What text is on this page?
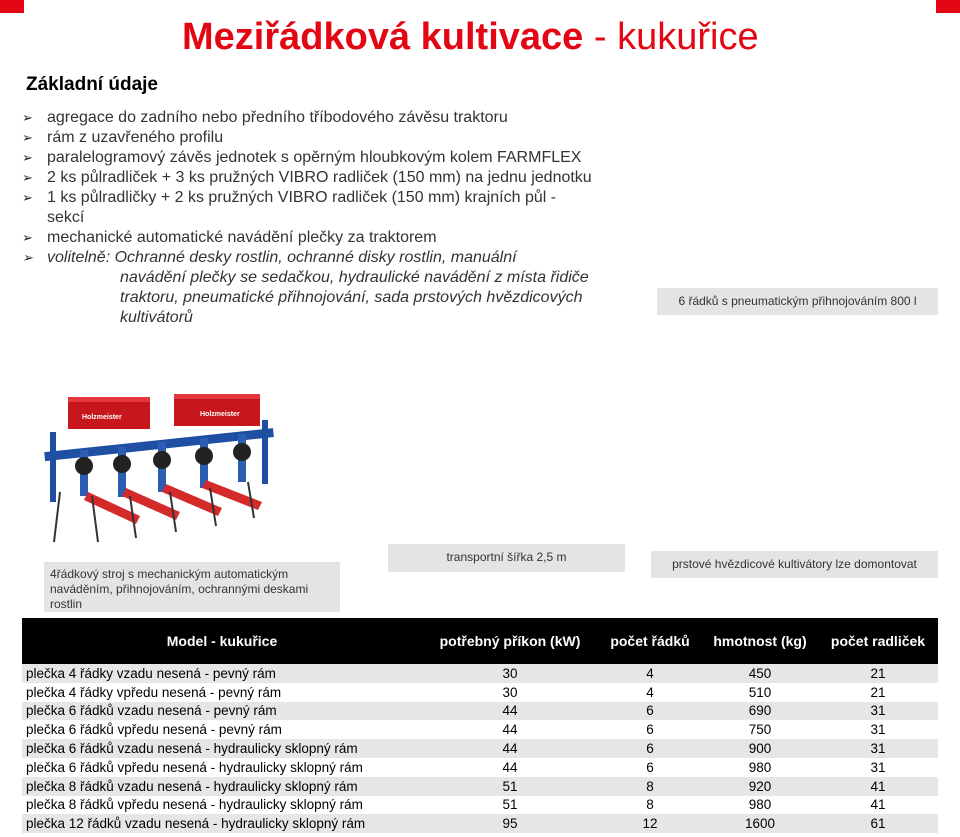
Meziřádková kultivace - kukuřice
Základní údaje
➢ agregace do zadního nebo předního tříbodového závěsu traktoru
➢ rám z uzavřeného profilu
➢ paralelogramový závěs jednotek s opěrným hloubkovým kolem FARMFLEX
➢ 2 ks půlradliček + 3 ks pružných VIBRO radliček (150 mm) na jednu jednotku
➢ 1 ks půlradličky + 2 ks pružných VIBRO radliček (150 mm) krajních půl - sekcí
➢ mechanické automatické navádění plečky za traktorem
➢ volitelně: Ochranné desky rostlin, ochranné disky rostlin, manuální
navádění plečky se sedačkou, hydraulické navádění z místa řidiče traktoru, pneumatické přihnojování, sada prstových hvězdicových kultivátorů
6 řádků s pneumatickým přihnojováním 800 l
Holzmeister	Holzmeister
4řádkový stroj s mechanickým automatickým naváděním, přihnojováním, ochrannými deskami rostlin
transportní šířka 2,5 m	prstové hvězdicové kultivátory lze domontovat
Model - kukuřice	potřebný příkon (kW)	počet řádků	hmotnost (kg)	počet radliček
plečka 4 řádky vzadu nesená - pevný rám	30	4	450	21
plečka 4 řádky vpředu nesená - pevný rám	30	4	510	21
plečka 6 řádků vzadu nesená - pevný rám	44	6	690	31
plečka 6 řádků vpředu nesená - pevný rám	44	6	750	31
plečka 6 řádků vzadu nesená - hydraulicky sklopný rám	44	6	900	31
plečka 6 řádků vpředu nesená - hydraulicky sklopný rám	44	6	980	31
plečka 8 řádků vzadu nesená - hydraulicky sklopný rám	51	8	920	41
plečka 8 řádků vpředu nesená - hydraulicky sklopný rám	51	8	980	41
plečka 12 řádků vzadu nesená - hydraulicky sklopný rám	95	12	1600	61
